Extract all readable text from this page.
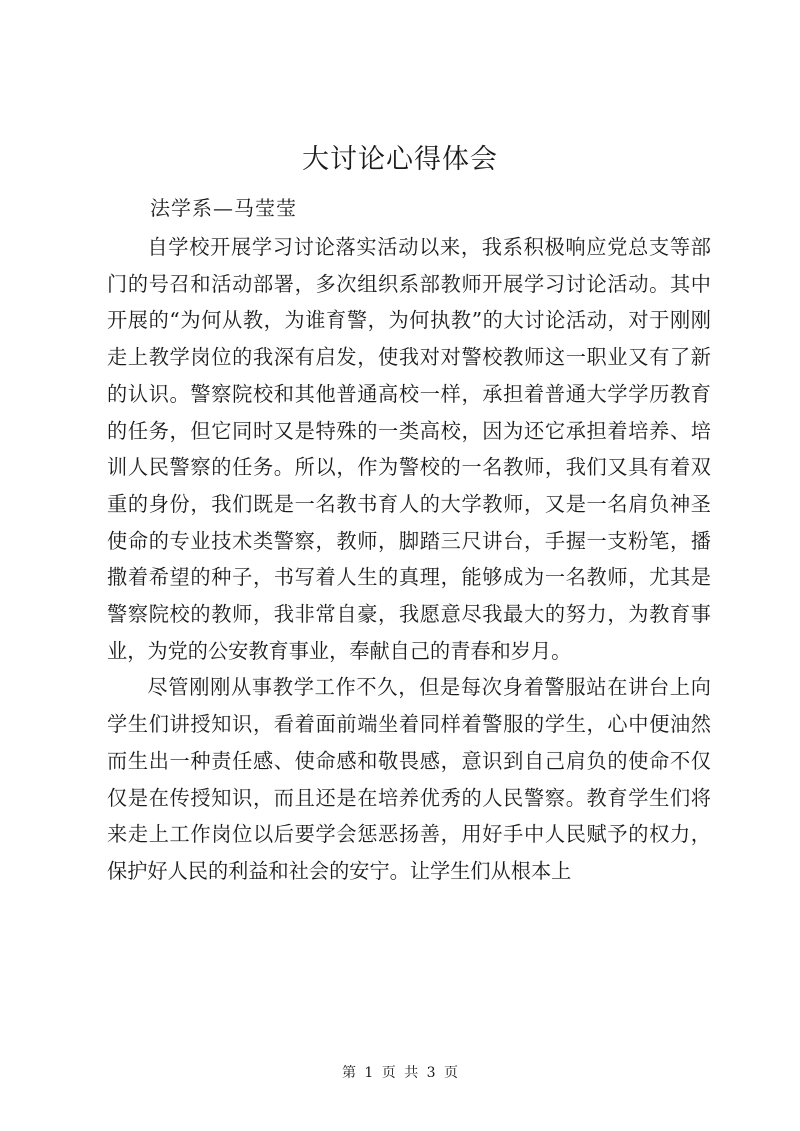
大讨论心得体会
法学系—马莹莹

自学校开展学习讨论落实活动以来，我系积极响应党总支等部门的号召和活动部署，多次组织系部教师开展学习讨论活动。其中开展的“为何从教，为谁育警，为何执教”的大讨论活动，对于刚刚走上教学岗位的我深有启发，使我对对警校教师这一职业又有了新的认识。警察院校和其他普通高校一样，承担着普通大学学历教育的任务，但它同时又是特殊的一类高校，因为还它承担着培养、培训人民警察的任务。所以，作为警校的一名教师，我们又具有着双重的身份，我们既是一名教书育人的大学教师，又是一名肩负神圣使命的专业技术类警察，教师，脚踏三尺讲台，手握一支粉笔，播撒着希望的种子，书写着人生的真理，能够成为一名教师，尤其是警察院校的教师，我非常自豪，我愿意尽我最大的努力，为教育事业，为党的公安教育事业，奉献自己的青春和岁月。

尽管刚刚从事教学工作不久，但是每次身着警服站在讲台上向学生们讲授知识，看着面前端坐着同样着警服的学生，心中便油然而生出一种责任感、使命感和敬畏感，意识到自己肩负的使命不仅仅是在传授知识，而且还是在培养优秀的人民警察。教育学生们将来走上工作岗位以后要学会惩恶扬善，用好手中人民赋予的权力，保护好人民的利益和社会的安宁。让学生们从根本上

第 1 页 共 3 页
